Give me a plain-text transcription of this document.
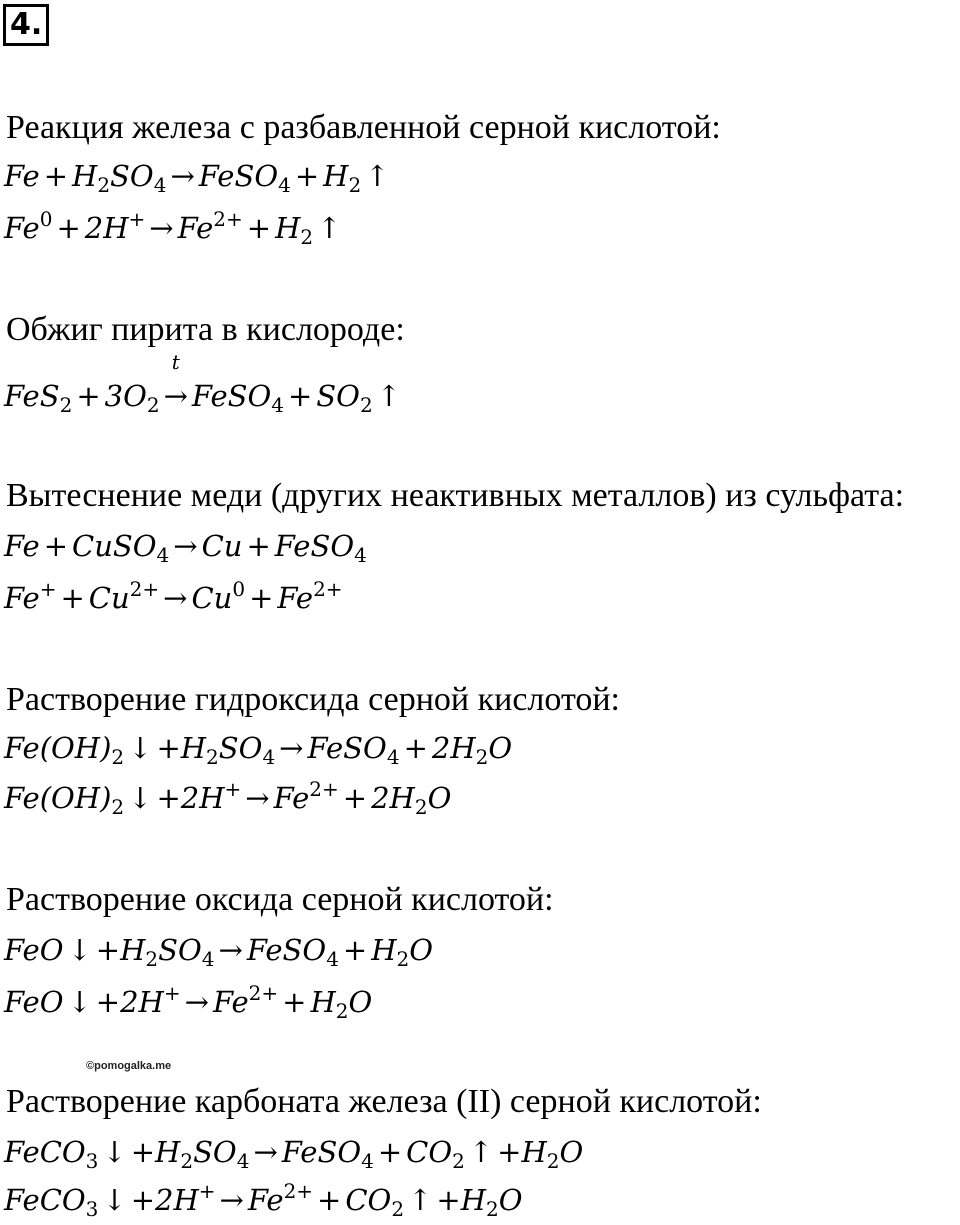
4.
Реакция железа с разбавленной серной кислотой:
$Fe + H_2SO_4$ → FeSO$_4$ + $H_2$ ↑
$Fe^0 + 2H^+ \to Fe^{2+} + H_2$ ↑
Обжиг пирита в кислороде:
$FeS_2 + 3O_2$
t
→ FeSO$_4$ + $SO_2$ ↑
Вытеснение меди (других неактивных металлов) из сульфата:
Fe + CuSO$_4$ → Cu + FeSO$_4$
$Fe^+ + Cu^{2+} \to Cu^0 + Fe^{2+}$
Растворение гидроксида серной кислотой:
$Fe(OH)_2$ ↓ $+H_2SO_4$ → FeSO$_4$ + $2H_2O$
$Fe(OH)_2$ ↓ $+2H^+ \to Fe^{2+} + 2H_2O$
Растворение оксида серной кислотой:
FeO ↓ $+H_2SO_4$ → FeSO$_4$ + $H_2O$
FeO ↓ $+2H^+ \to Fe^{2+} + H_2O$
©pomogalka.me
Растворение карбоната железа (II) серной кислотой:
FeCO$_3$ ↓ $+H_2SO_4$ → FeSO$_4$ + $CO_2$ ↑ $+H_2O$
FeCO$_3$ ↓ $+2H^+ \to Fe^{2+} + CO_2$ ↑ $+H_2O$
